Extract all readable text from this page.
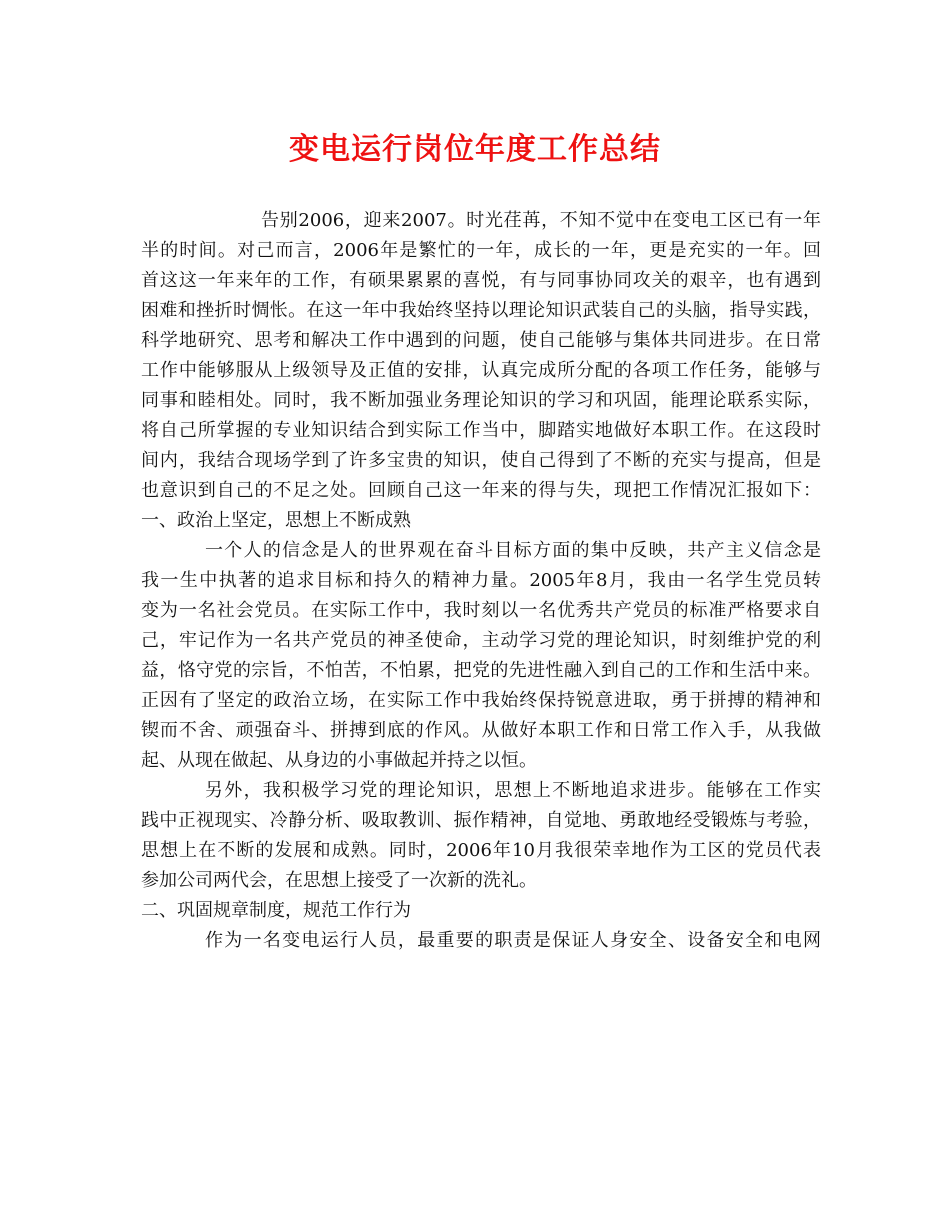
变电运行岗位年度工作总结
告别2006，迎来2007。时光荏苒，不知不觉中在变电工区已有一年
半的时间。对己而言，2006年是繁忙的一年，成长的一年，更是充实的一年。回
首这这一年来年的工作，有硕果累累的喜悦，有与同事协同攻关的艰辛，也有遇到
困难和挫折时惆怅。在这一年中我始终坚持以理论知识武装自己的头脑，指导实践，
科学地研究、思考和解决工作中遇到的问题，使自己能够与集体共同进步。在日常
工作中能够服从上级领导及正值的安排，认真完成所分配的各项工作任务，能够与
同事和睦相处。同时，我不断加强业务理论知识的学习和巩固，能理论联系实际，
将自己所掌握的专业知识结合到实际工作当中，脚踏实地做好本职工作。在这段时
间内，我结合现场学到了许多宝贵的知识，使自己得到了不断的充实与提高，但是
也意识到自己的不足之处。回顾自己这一年来的得与失，现把工作情况汇报如下：
一、政治上坚定，思想上不断成熟
一个人的信念是人的世界观在奋斗目标方面的集中反映，共产主义信念是
我一生中执著的追求目标和持久的精神力量。2005年8月，我由一名学生党员转
变为一名社会党员。在实际工作中，我时刻以一名优秀共产党员的标准严格要求自
己，牢记作为一名共产党员的神圣使命，主动学习党的理论知识，时刻维护党的利
益，恪守党的宗旨，不怕苦，不怕累，把党的先进性融入到自己的工作和生活中来。
正因有了坚定的政治立场，在实际工作中我始终保持锐意进取，勇于拼搏的精神和
锲而不舍、顽强奋斗、拼搏到底的作风。从做好本职工作和日常工作入手，从我做
起、从现在做起、从身边的小事做起并持之以恒。
另外，我积极学习党的理论知识，思想上不断地追求进步。能够在工作实
践中正视现实、冷静分析、吸取教训、振作精神，自觉地、勇敢地经受锻炼与考验，
思想上在不断的发展和成熟。同时，2006年10月我很荣幸地作为工区的党员代表
参加公司两代会，在思想上接受了一次新的洗礼。
二、巩固规章制度，规范工作行为
作为一名变电运行人员，最重要的职责是保证人身安全、设备安全和电网
